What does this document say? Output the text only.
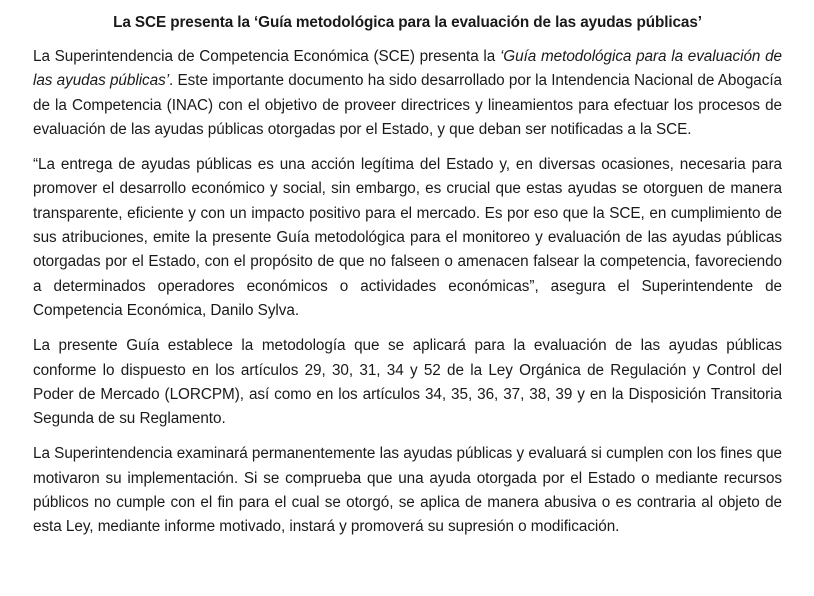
La SCE presenta la ‘Guía metodológica para la evaluación de las ayudas públicas’

La Superintendencia de Competencia Económica (SCE) presenta la ‘Guía metodológica para la evaluación de las ayudas públicas’. Este importante documento ha sido desarrollado por la Intendencia Nacional de Abogacía de la Competencia (INAC) con el objetivo de proveer directrices y lineamientos para efectuar los procesos de evaluación de las ayudas públicas otorgadas por el Estado, y que deban ser notificadas a la SCE.

“La entrega de ayudas públicas es una acción legítima del Estado y, en diversas ocasiones, necesaria para promover el desarrollo económico y social, sin embargo, es crucial que estas ayudas se otorguen de manera transparente, eficiente y con un impacto positivo para el mercado. Es por eso que la SCE, en cumplimiento de sus atribuciones, emite la presente Guía metodológica para el monitoreo y evaluación de las ayudas públicas otorgadas por el Estado, con el propósito de que no falseen o amenacen falsear la competencia, favoreciendo a determinados operadores económicos o actividades económicas”, asegura el Superintendente de Competencia Económica, Danilo Sylva.

La presente Guía establece la metodología que se aplicará para la evaluación de las ayudas públicas conforme lo dispuesto en los artículos 29, 30, 31, 34 y 52 de la Ley Orgánica de Regulación y Control del Poder de Mercado (LORCPM), así como en los artículos 34, 35, 36, 37, 38, 39 y en la Disposición Transitoria Segunda de su Reglamento.

La Superintendencia examinará permanentemente las ayudas públicas y evaluará si cumplen con los fines que motivaron su implementación. Si se comprueba que una ayuda otorgada por el Estado o mediante recursos públicos no cumple con el fin para el cual se otorgó, se aplica de manera abusiva o es contraria al objeto de esta Ley, mediante informe motivado, instará y promoverá su supresión o modificación.
